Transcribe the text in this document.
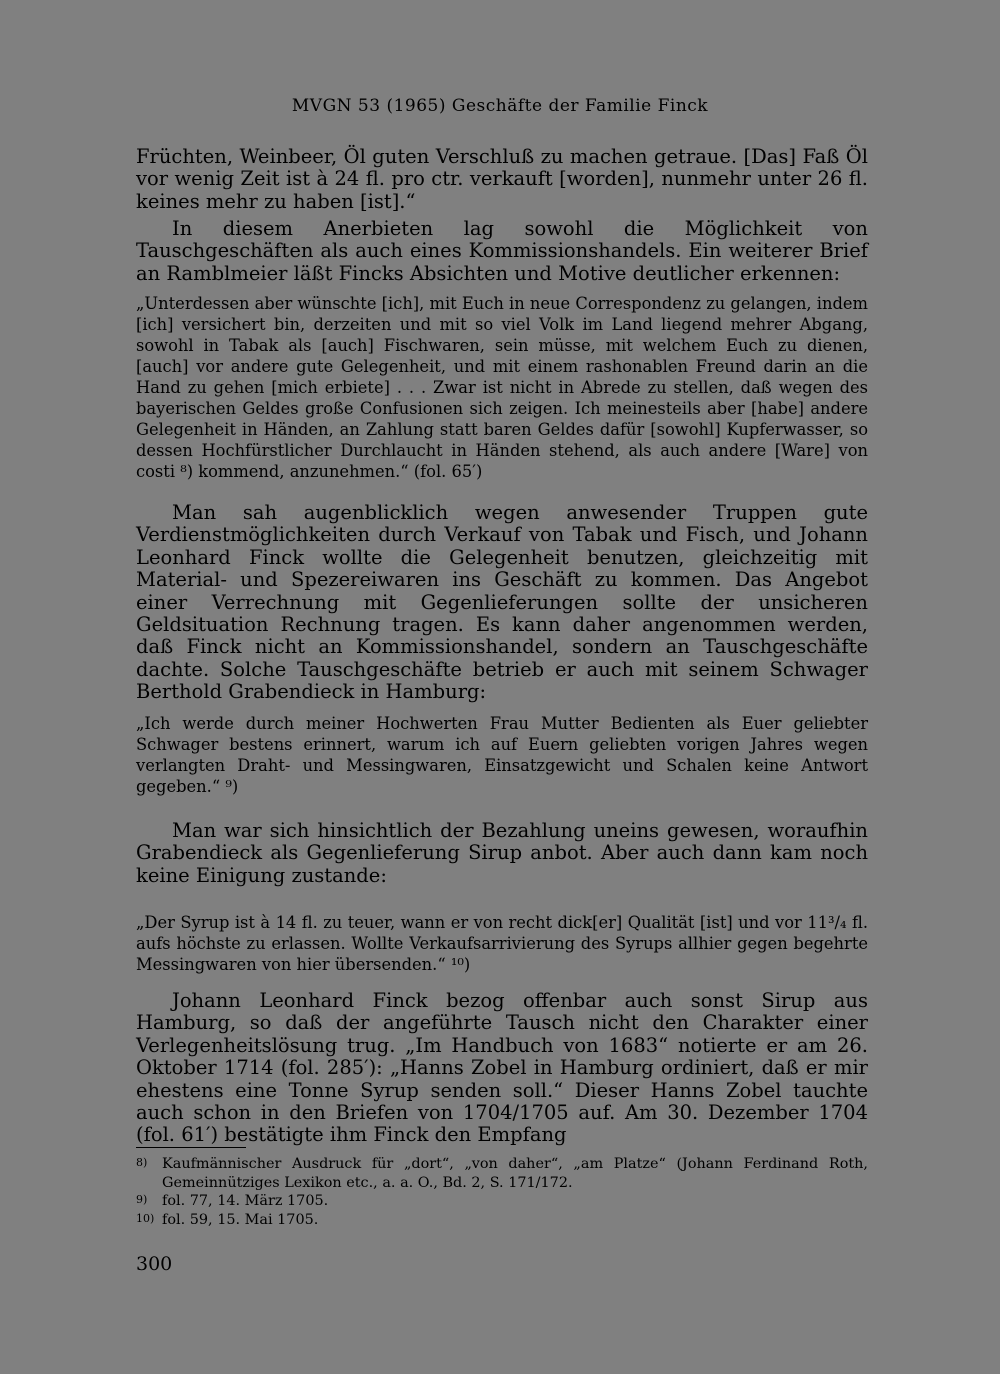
MVGN 53 (1965) Geschäfte der Familie Finck

Früchten, Weinbeer, Öl guten Verschluß zu machen getraue. [Das] Faß Öl vor wenig Zeit ist à 24 fl. pro ctr. verkauft [worden], nunmehr unter 26 fl. keines mehr zu haben [ist].“

In diesem Anerbieten lag sowohl die Möglichkeit von Tauschgeschäften als auch eines Kommissionshandels. Ein weiterer Brief an Ramblmeier läßt Fincks Absichten und Motive deutlicher erkennen:

„Unterdessen aber wünschte [ich], mit Euch in neue Correspondenz zu gelangen, indem [ich] versichert bin, derzeiten und mit so viel Volk im Land liegend mehrer Abgang, sowohl in Tabak als [auch] Fischwaren, sein müsse, mit welchem Euch zu dienen, [auch] vor andere gute Gelegenheit, und mit einem rashonablen Freund darin an die Hand zu gehen [mich erbiete] . . . Zwar ist nicht in Abrede zu stellen, daß wegen des bayerischen Geldes große Confusionen sich zeigen. Ich meinesteils aber [habe] andere Gelegenheit in Händen, an Zahlung statt baren Geldes dafür [sowohl] Kupferwasser, so dessen Hochfürstlicher Durchlaucht in Händen stehend, als auch andere [Ware] von costi ⁸) kommend, anzunehmen.“ (fol. 65′)

Man sah augenblicklich wegen anwesender Truppen gute Verdienstmöglichkeiten durch Verkauf von Tabak und Fisch, und Johann Leonhard Finck wollte die Gelegenheit benutzen, gleichzeitig mit Material- und Spezereiwaren ins Geschäft zu kommen. Das Angebot einer Verrechnung mit Gegenlieferungen sollte der unsicheren Geldsituation Rechnung tragen. Es kann daher angenommen werden, daß Finck nicht an Kommissionshandel, sondern an Tauschgeschäfte dachte. Solche Tauschgeschäfte betrieb er auch mit seinem Schwager Berthold Grabendieck in Hamburg:

„Ich werde durch meiner Hochwerten Frau Mutter Bedienten als Euer geliebter Schwager bestens erinnert, warum ich auf Euern geliebten vorigen Jahres wegen verlangten Draht- und Messingwaren, Einsatzgewicht und Schalen keine Antwort gegeben.“ ⁹)

Man war sich hinsichtlich der Bezahlung uneins gewesen, woraufhin Grabendieck als Gegenlieferung Sirup anbot. Aber auch dann kam noch keine Einigung zustande:

„Der Syrup ist à 14 fl. zu teuer, wann er von recht dick[er] Qualität [ist] und vor 11³/₄ fl. aufs höchste zu erlassen. Wollte Verkaufsarrivierung des Syrups allhier gegen begehrte Messingwaren von hier übersenden.“ ¹⁰)

Johann Leonhard Finck bezog offenbar auch sonst Sirup aus Hamburg, so daß der angeführte Tausch nicht den Charakter einer Verlegenheitslösung trug. „Im Handbuch von 1683“ notierte er am 26. Oktober 1714 (fol. 285′): „Hanns Zobel in Hamburg ordiniert, daß er mir ehestens eine Tonne Syrup senden soll.“ Dieser Hanns Zobel tauchte auch schon in den Briefen von 1704/1705 auf. Am 30. Dezember 1704 (fol. 61′) bestätigte ihm Finck den Empfang

8)	Kaufmännischer Ausdruck für „dort“, „von daher“, „am Platze“ (Johann Ferdinand Roth, Gemeinnütziges Lexikon etc., a. a. O., Bd. 2, S. 171/172.
9)	fol. 77, 14. März 1705.
10) fol. 59, 15. Mai 1705.
300
